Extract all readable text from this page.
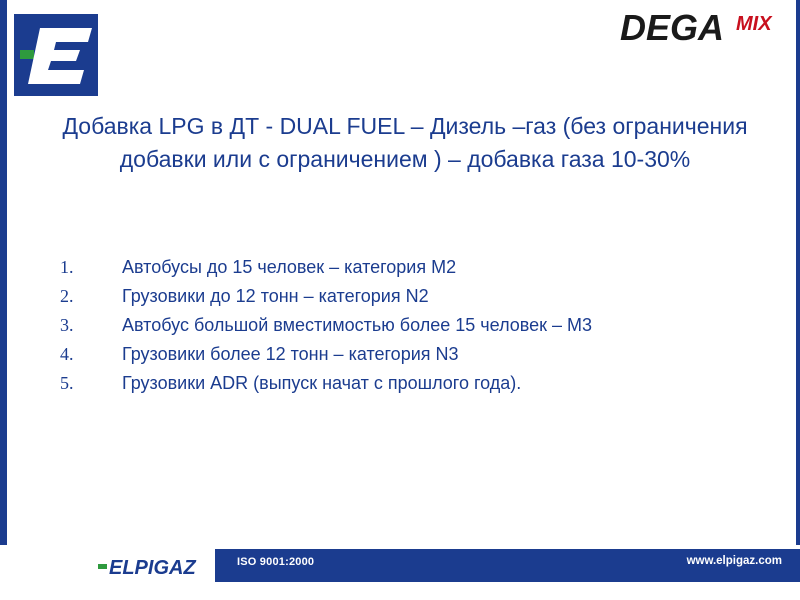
DEGA MIX
Добавка LPG в ДТ - DUAL FUEL – Дизель –газ (без ограничения добавки или с ограничением ) – добавка газа 10-30%
1.	Автобусы до 15 человек – категория M2
2.	Грузовики до 12 тонн – категория N2
3.	Автобус большой вместимостью более 15 человек – M3
4.	Грузовики более 12 тонн – категория N3
5.	Грузовики ADR (выпуск начат с прошлого года).
ELPIGAZ	ISO 9001:2000	www.elpigaz.com
